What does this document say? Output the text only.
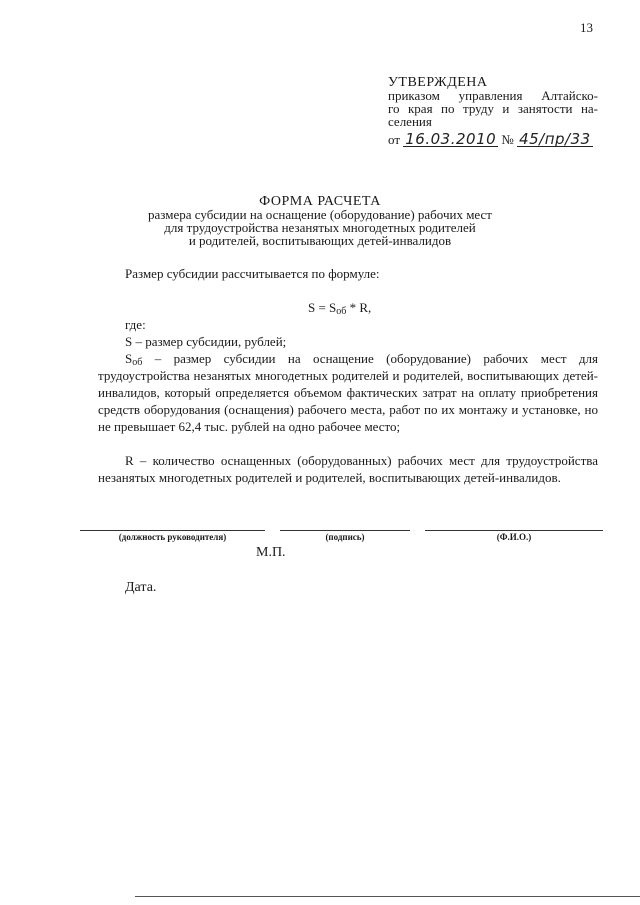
13
УТВЕРЖДЕНА
приказом управления Алтайско-
го края по труду и занятости на-
селения
от 16.03.2010 № 45/пр/33
ФОРМА РАСЧЕТА
размера субсидии на оснащение (оборудование) рабочих мест
для трудоустройства незанятых многодетных родителей
и родителей, воспитывающих детей-инвалидов
Размер субсидии рассчитывается по формуле:
$S = S_{об} * R$,
где:
S – размер субсидии, рублей;
$S_{об}$ – размер субсидии на оснащение (оборудование) рабочих мест для трудоустройства незанятых многодетных родителей и родителей, воспитывающих детей-инвалидов, который определяется объемом фактических затрат на оплату приобретения средств оборудования (оснащения) рабочего места, работ по их монтажу и установке, но не превышает 62,4 тыс. рублей на одно рабочее место;
R – количество оснащенных (оборудованных) рабочих мест для трудоустройства незанятых многодетных родителей и родителей, воспитывающих детей-инвалидов.
(должность руководителя)	(подпись)	(Ф.И.О.)
М.П.
Дата.
